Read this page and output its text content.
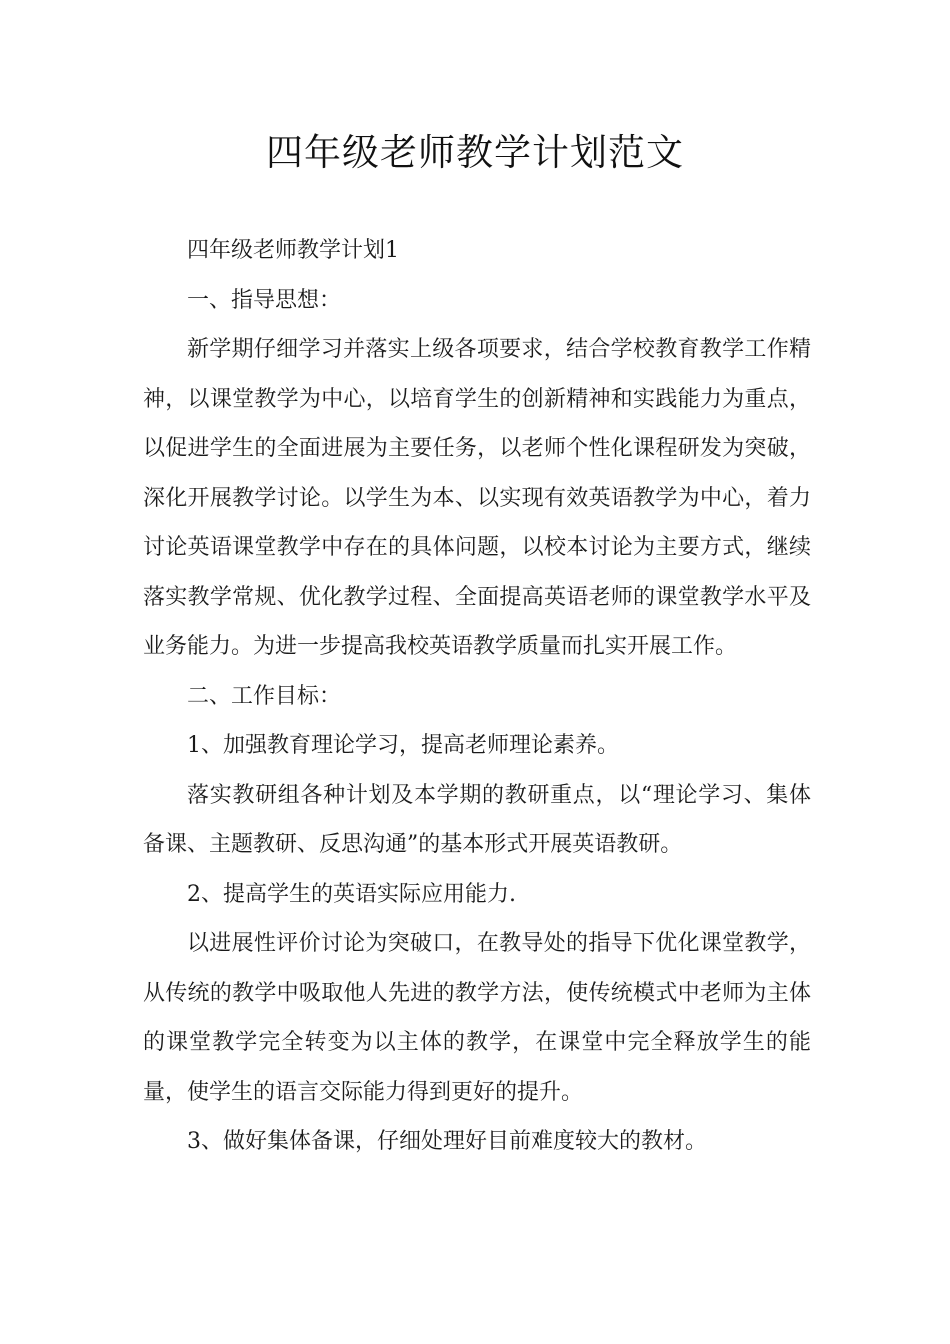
四年级老师教学计划范文

四年级老师教学计划1

一、指导思想：

新学期仔细学习并落实上级各项要求，结合学校教育教学工作精神，以课堂教学为中心，以培育学生的创新精神和实践能力为重点，以促进学生的全面进展为主要任务，以老师个性化课程研发为突破，深化开展教学讨论。以学生为本、以实现有效英语教学为中心，着力讨论英语课堂教学中存在的具体问题，以校本讨论为主要方式，继续落实教学常规、优化教学过程、全面提高英语老师的课堂教学水平及业务能力。为进一步提高我校英语教学质量而扎实开展工作。

二、工作目标：

1、加强教育理论学习，提高老师理论素养。

落实教研组各种计划及本学期的教研重点，以“理论学习、集体备课、主题教研、反思沟通”的基本形式开展英语教研。

2、提高学生的英语实际应用能力.

以进展性评价讨论为突破口，在教导处的指导下优化课堂教学，从传统的教学中吸取他人先进的教学方法，使传统模式中老师为主体的课堂教学完全转变为以主体的教学，在课堂中完全释放学生的能量，使学生的语言交际能力得到更好的提升。

3、做好集体备课，仔细处理好目前难度较大的教材。
